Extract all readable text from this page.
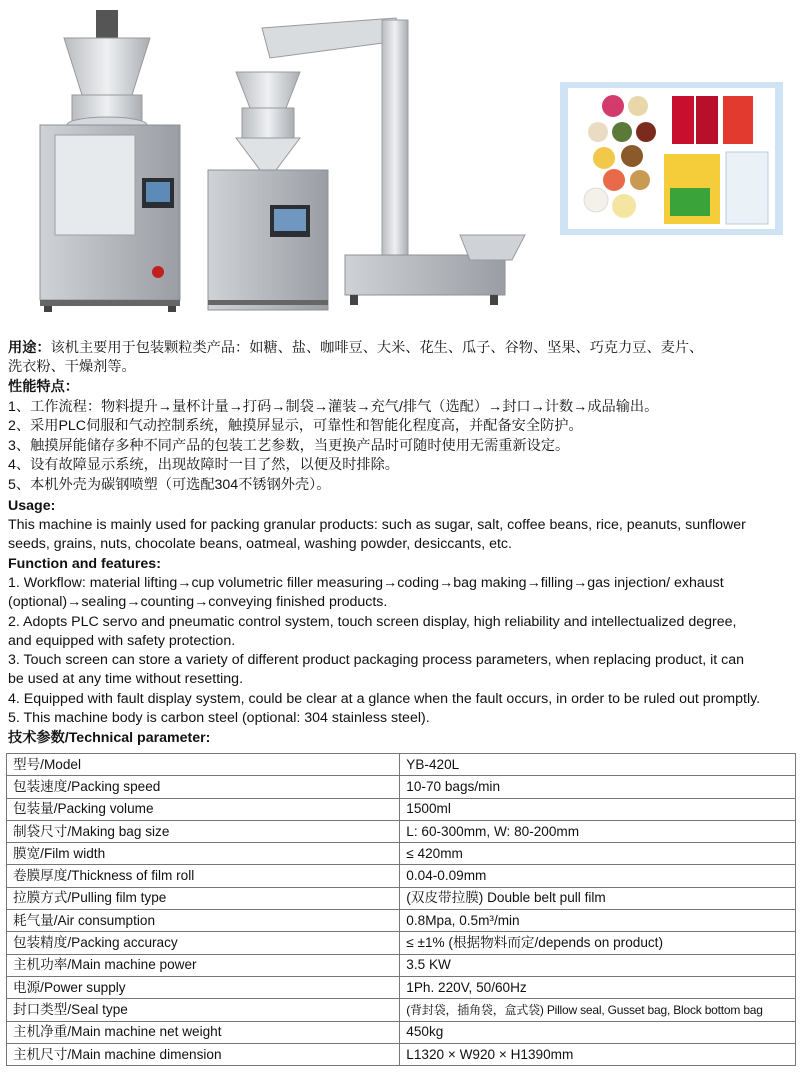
用途：该机主要用于包装颗粒类产品：如糖、盐、咖啡豆、大米、花生、瓜子、谷物、坚果、巧克力豆、麦片、
洗衣粉、干燥剂等。
性能特点：
1、工作流程：物料提升→量杯计量→打码→制袋→灌装→充气/排气（选配）→封口→计数→成品输出。
2、采用PLC伺服和气动控制系统，触摸屏显示，可靠性和智能化程度高，并配备安全防护。
3、触摸屏能储存多种不同产品的包装工艺参数，当更换产品时可随时使用无需重新设定。
4、设有故障显示系统，出现故障时一目了然，以便及时排除。
5、本机外壳为碳钢喷塑（可选配304不锈钢外壳）。
Usage:
This machine is mainly used for packing granular products: such as sugar, salt, coffee beans, rice, peanuts, sunflower
seeds, grains, nuts, chocolate beans, oatmeal, washing powder, desiccants, etc.
Function and features:
1. Workflow: material lifting→cup volumetric filler measuring→coding→bag making→filling→gas injection/ exhaust
(optional)→sealing→counting→conveying finished products.
2. Adopts PLC servo and pneumatic control system, touch screen display, high reliability and intellectualized degree,
and equipped with safety protection.
3. Touch screen can store a variety of different product packaging process parameters, when replacing product, it can
be used at any time without resetting.
4. Equipped with fault display system, could be clear at a glance when the fault occurs, in order to be ruled out promptly.
5. This machine body is carbon steel (optional: 304 stainless steel).
技术参数/Technical parameter:
型号/Model	YB-420L
包装速度/Packing speed	10-70 bags/min
包装量/Packing volume	1500ml
制袋尺寸/Making bag size	L: 60-300mm, W: 80-200mm
膜宽/Film width	≤ 420mm
卷膜厚度/Thickness of film roll	0.04-0.09mm
拉膜方式/Pulling film type	(双皮带拉膜) Double belt pull film
耗气量/Air consumption	0.8Mpa, 0.5m³/min
包装精度/Packing accuracy	≤ ±1% (根据物料而定/depends on product)
主机功率/Main machine power	3.5 KW
电源/Power supply	1Ph. 220V, 50/60Hz
封口类型/Seal type	(背封袋，插角袋，盒式袋) Pillow seal, Gusset bag, Block bottom bag
主机净重/Main machine net weight	450kg
主机尺寸/Main machine dimension	L1320 × W920 × H1390mm
